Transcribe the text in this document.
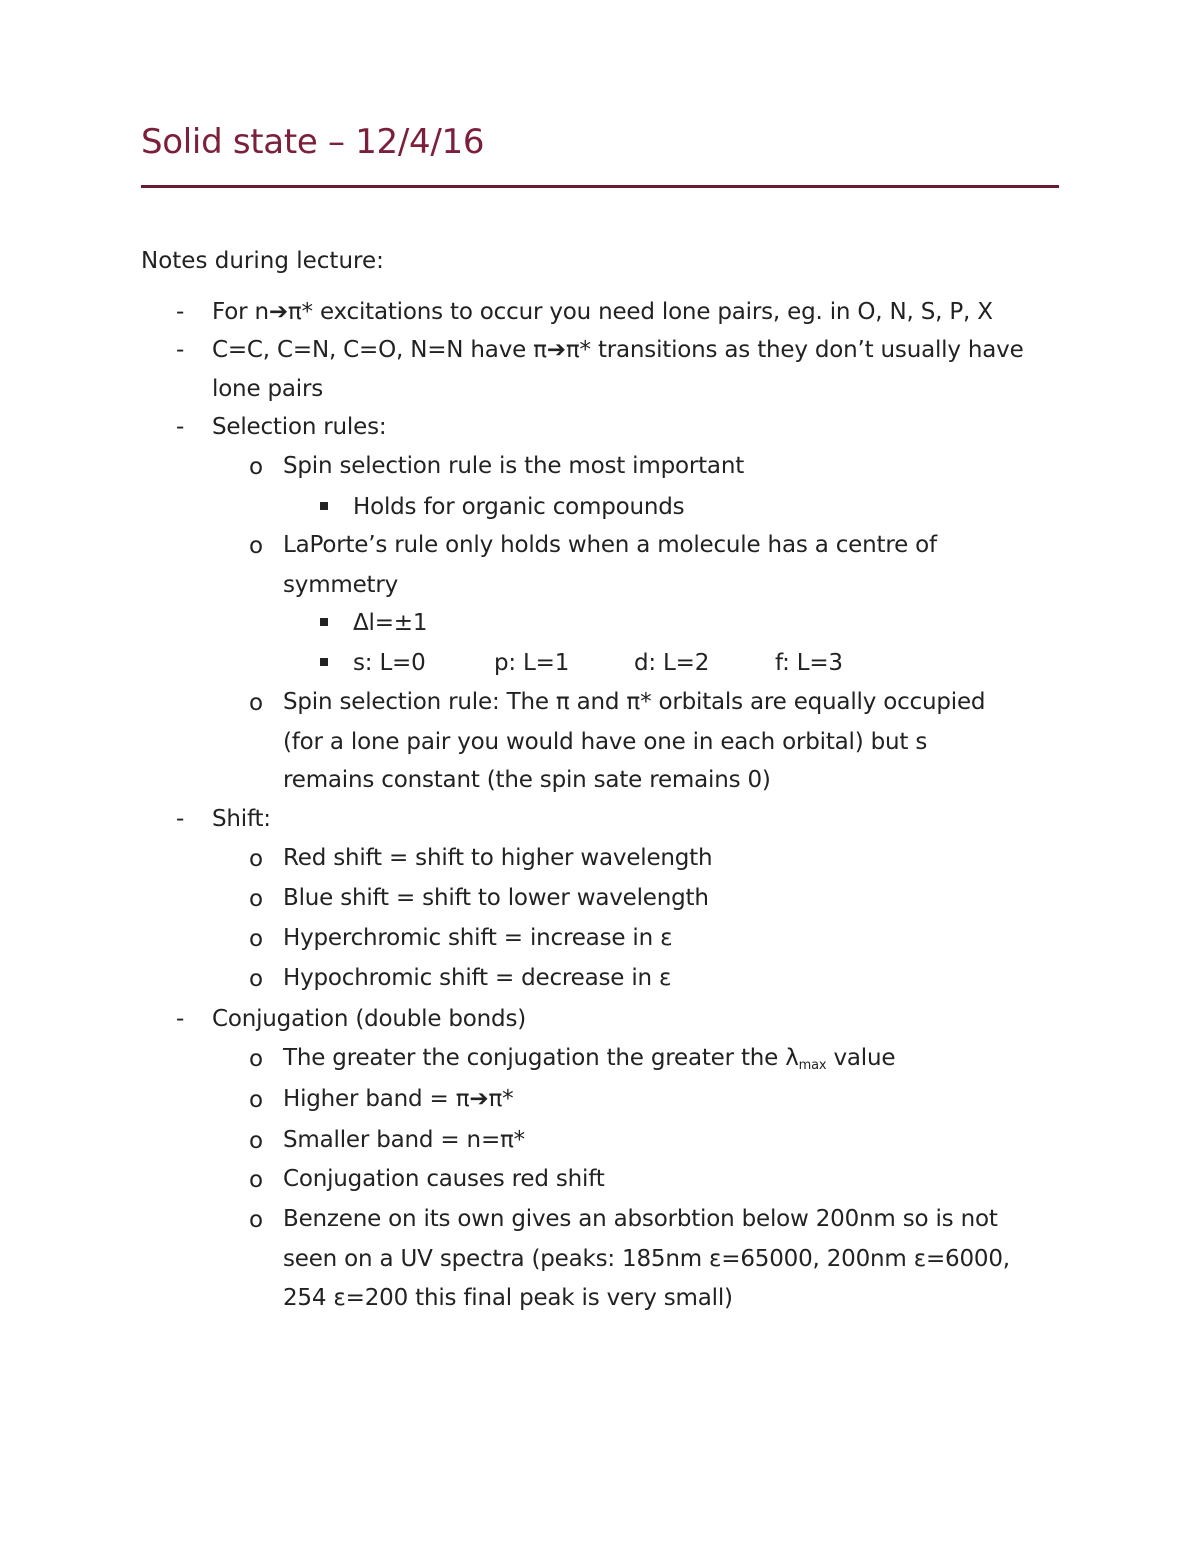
Solid state – 12/4/16
Notes during lecture:
- For n➔π* excitations to occur you need lone pairs, eg. in O, N, S, P, X
- C=C, C=N, C=O, N=N have π➔π* transitions as they don’t usually have
lone pairs
- Selection rules:
o Spin selection rule is the most important
Holds for organic compounds
o LaPorte’s rule only holds when a molecule has a centre of
symmetry
Δl=±1
s: L=0	p: L=1	d: L=2	f: L=3
o Spin selection rule: The π and π* orbitals are equally occupied
(for a lone pair you would have one in each orbital) but s
remains constant (the spin sate remains 0)
- Shift:
o Red shift = shift to higher wavelength
o Blue shift = shift to lower wavelength
o Hyperchromic shift = increase in ε
o Hypochromic shift = decrease in ε
- Conjugation (double bonds)
o The greater the conjugation the greater the $\lambda_{max}$ value
o Higher band = π➔π*
o Smaller band = n=π*
o Conjugation causes red shift
o Benzene on its own gives an absorbtion below 200nm so is not
seen on a UV spectra (peaks: 185nm ε=65000, 200nm ε=6000,
254 ε=200 this final peak is very small)
